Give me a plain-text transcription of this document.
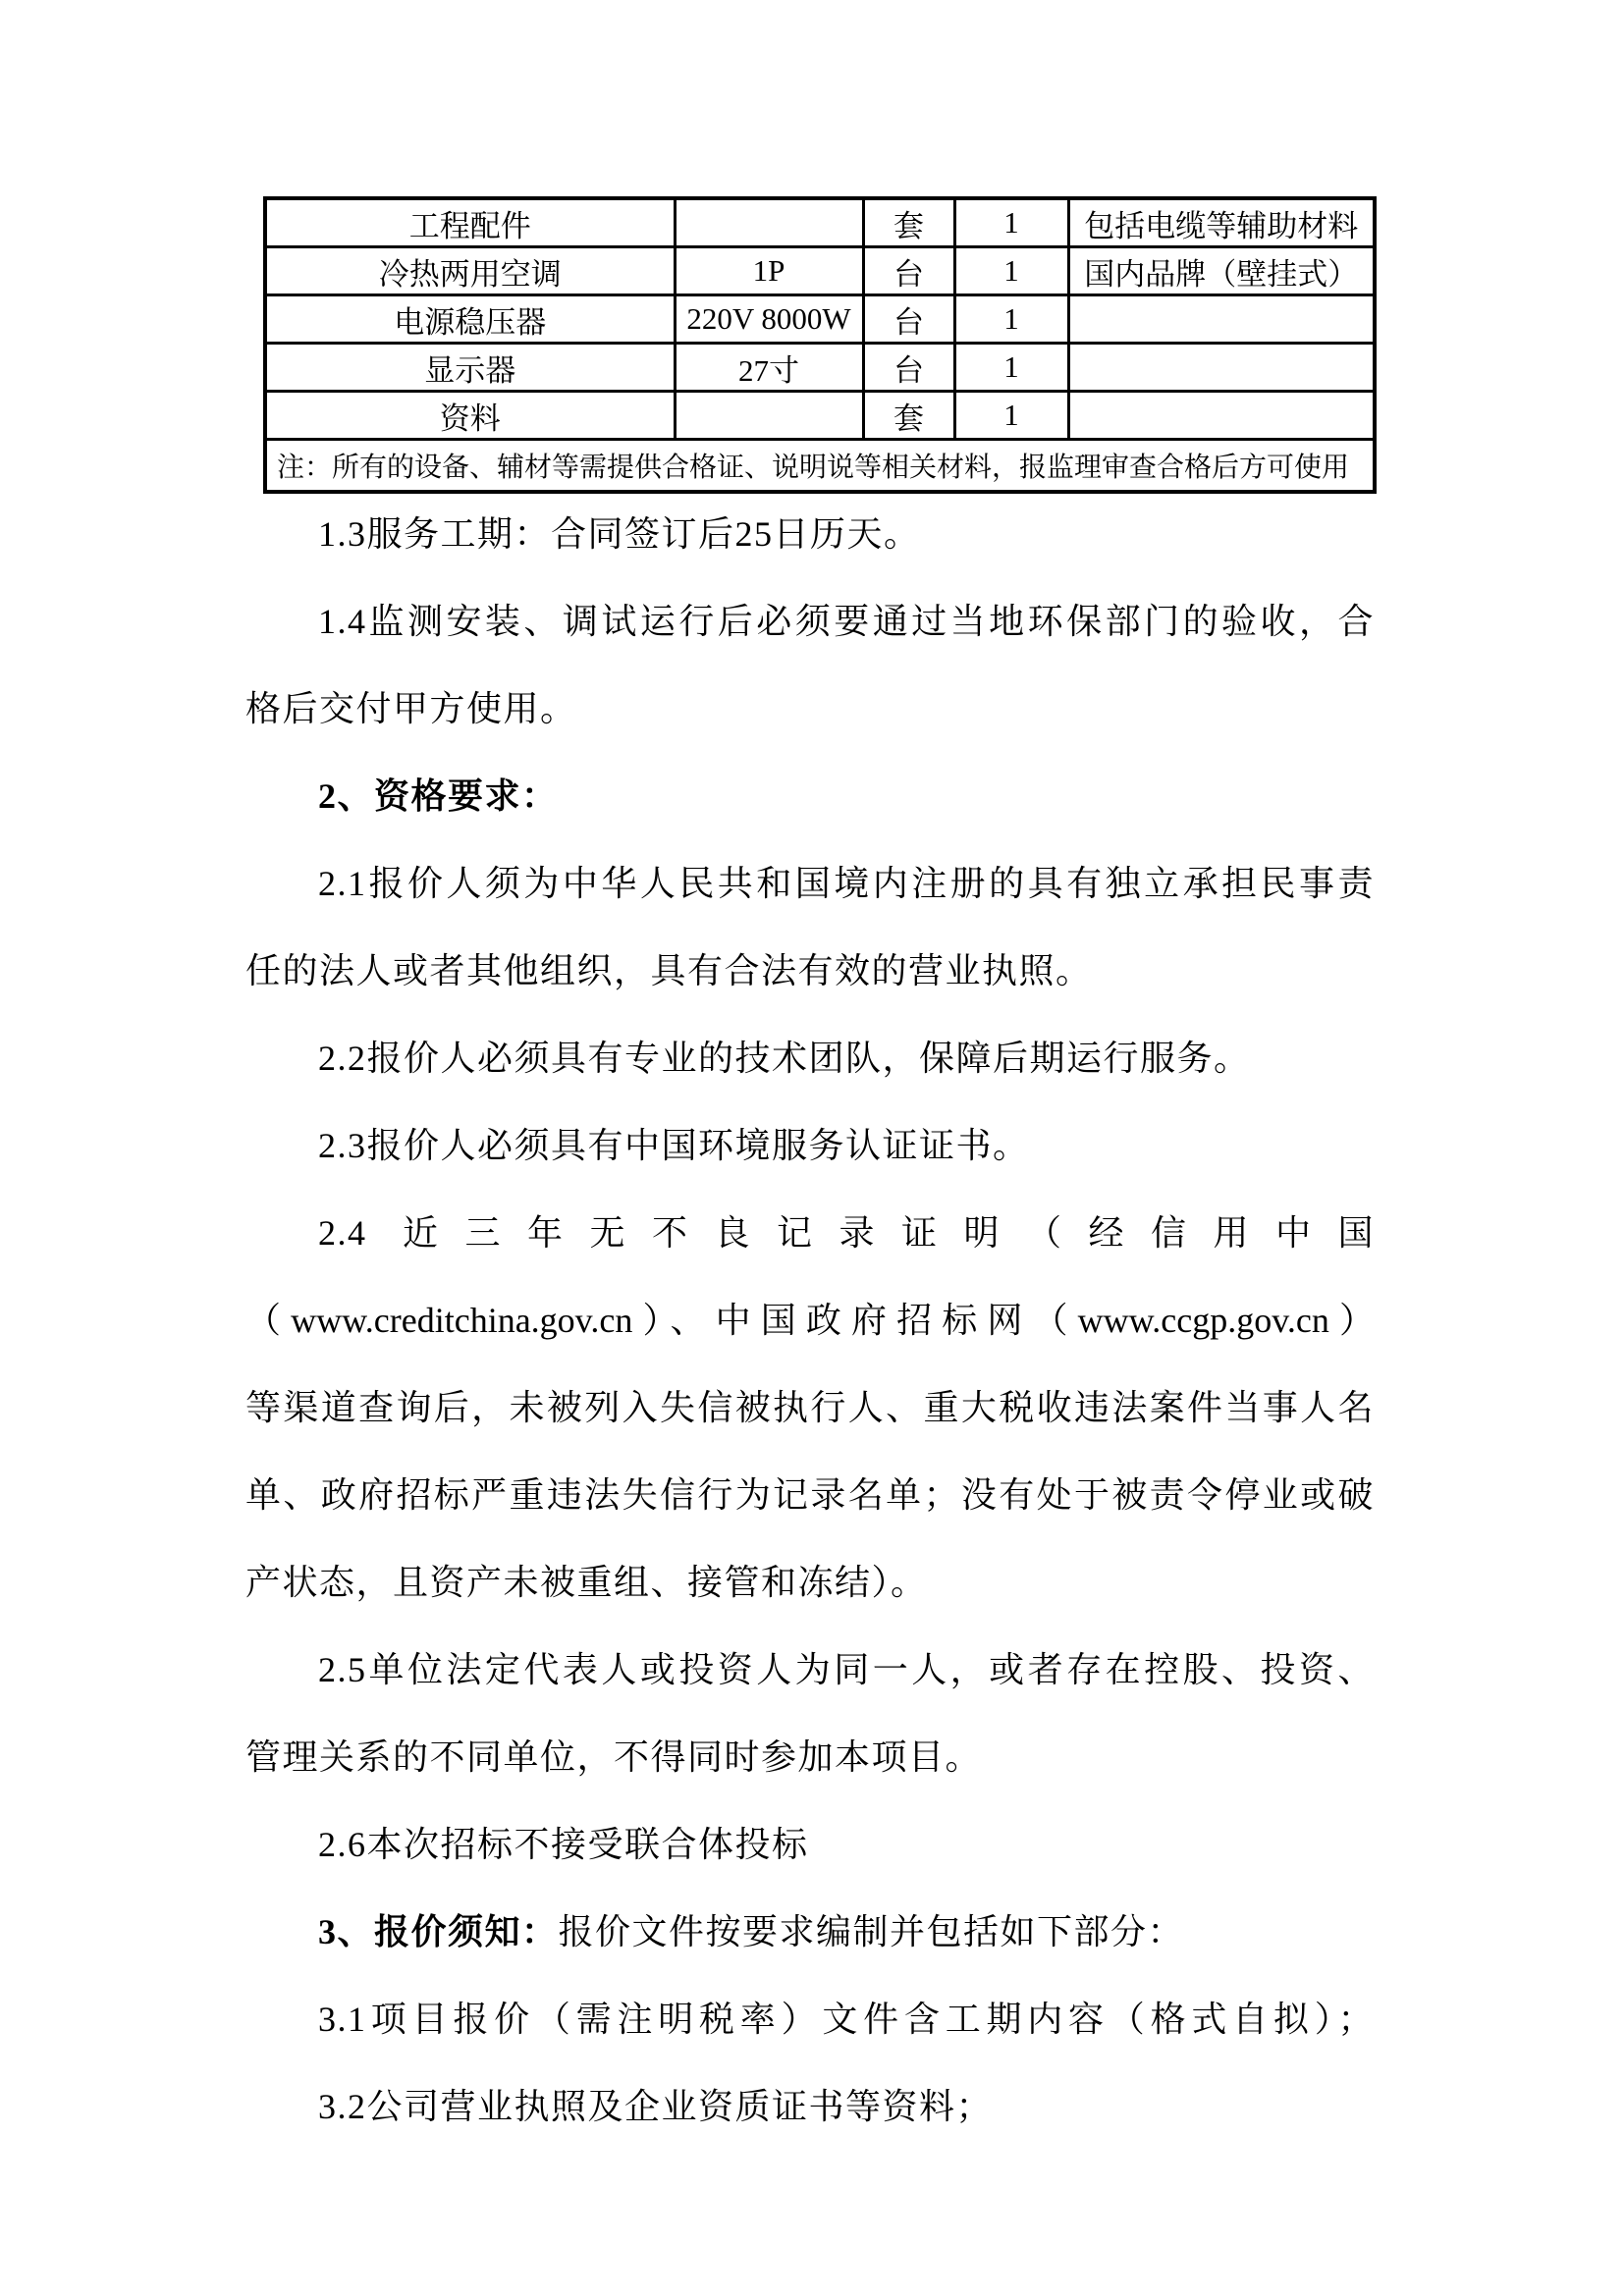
工程配件		套	1	包括电缆等辅助材料
冷热两用空调	1P	台	1	国内品牌（壁挂式）
电源稳压器	220V 8000W	台	1	
显示器	27寸	台	1	
资料		套	1	
注：所有的设备、辅材等需提供合格证、说明说等相关材料，报监理审查合格后方可使用				
1.3服务工期：合同签订后25日历天。
1.4监测安装、调试运行后必须要通过当地环保部门的验收，合
格后交付甲方使用。
2、资格要求：
2.1报价人须为中华人民共和国境内注册的具有独立承担民事责
任的法人或者其他组织，具有合法有效的营业执照。
2.2报价人必须具有专业的技术团队，保障后期运行服务。
2.3报价人必须具有中国环境服务认证证书。
2.4 近三年无不良记录证明（经信用中国
（www.creditchina.gov.cn）、中国政府招标网（www.ccgp.gov.cn）
等渠道查询后，未被列入失信被执行人、重大税收违法案件当事人名
单、政府招标严重违法失信行为记录名单；没有处于被责令停业或破
产状态，且资产未被重组、接管和冻结）。
2.5单位法定代表人或投资人为同一人，或者存在控股、投资、
管理关系的不同单位，不得同时参加本项目。
2.6本次招标不接受联合体投标
3、报价须知：报价文件按要求编制并包括如下部分：
3.1项目报价（需注明税率）文件含工期内容（格式自拟）；
3.2公司营业执照及企业资质证书等资料；
